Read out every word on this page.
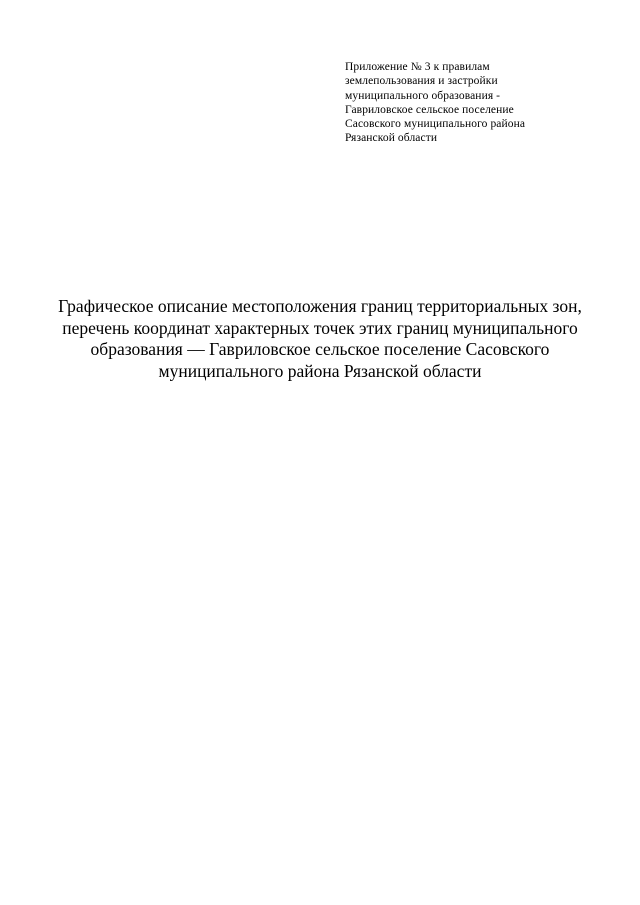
Приложение № 3 к правилам
землепользования и застройки
муниципального образования -
Гавриловское сельское поселение
Сасовского муниципального района
Рязанской области
Графическое описание местоположения границ территориальных зон,
перечень координат характерных точек этих границ муниципального
образования — Гавриловское сельское поселение Сасовского
муниципального района Рязанской области
